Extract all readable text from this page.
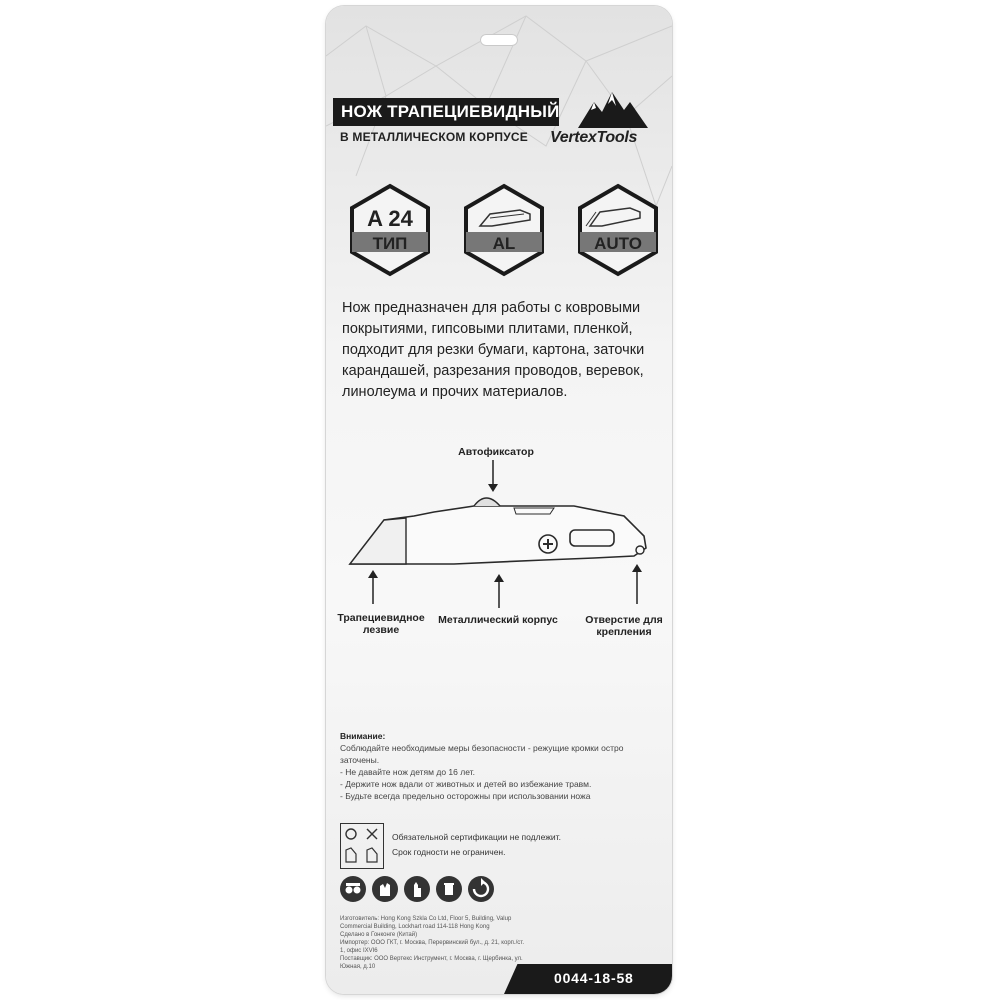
НОЖ ТРАПЕЦИЕВИДНЫЙ
В МЕТАЛЛИЧЕСКОМ КОРПУСЕ VertexTools
A 24
ТИП	AL	AUTO
Нож предназначен для работы с ковровыми покрытиями, гипсовыми плитами, пленкой, подходит для резки бумаги, картона, заточки карандашей, разрезания проводов, веревок, линолеума и прочих материалов.
Автофиксатор
Трапециевидное
лезвие
Металлический корпус	Отверстие для
крепления
Внимание:
Соблюдайте необходимые меры безопасности - режущие кромки остро заточены.
- Не давайте нож детям до 16 лет.
- Держите нож вдали от животных и детей во избежание травм.
- Будьте всегда предельно осторожны при использовании ножа
Обязательной сертификации не подлежит.
Срок годности не ограничен.
Изготовитель: Hong Kong Szkla Co Ltd, Floor 5, Building, Valup Commercial Building, Lockhart road 114-118 Hong Kong
Сделано в Гонконге (Китай)
Импортер: ООО ГКТ, г. Москва, Перервинский бул., д. 21, корп./ст. 1, офис IXVI6
Поставщик: ООО Вертекс Инструмент, г. Москва, г. Щербинка, ул. Южная, д.10
0044-18-58
